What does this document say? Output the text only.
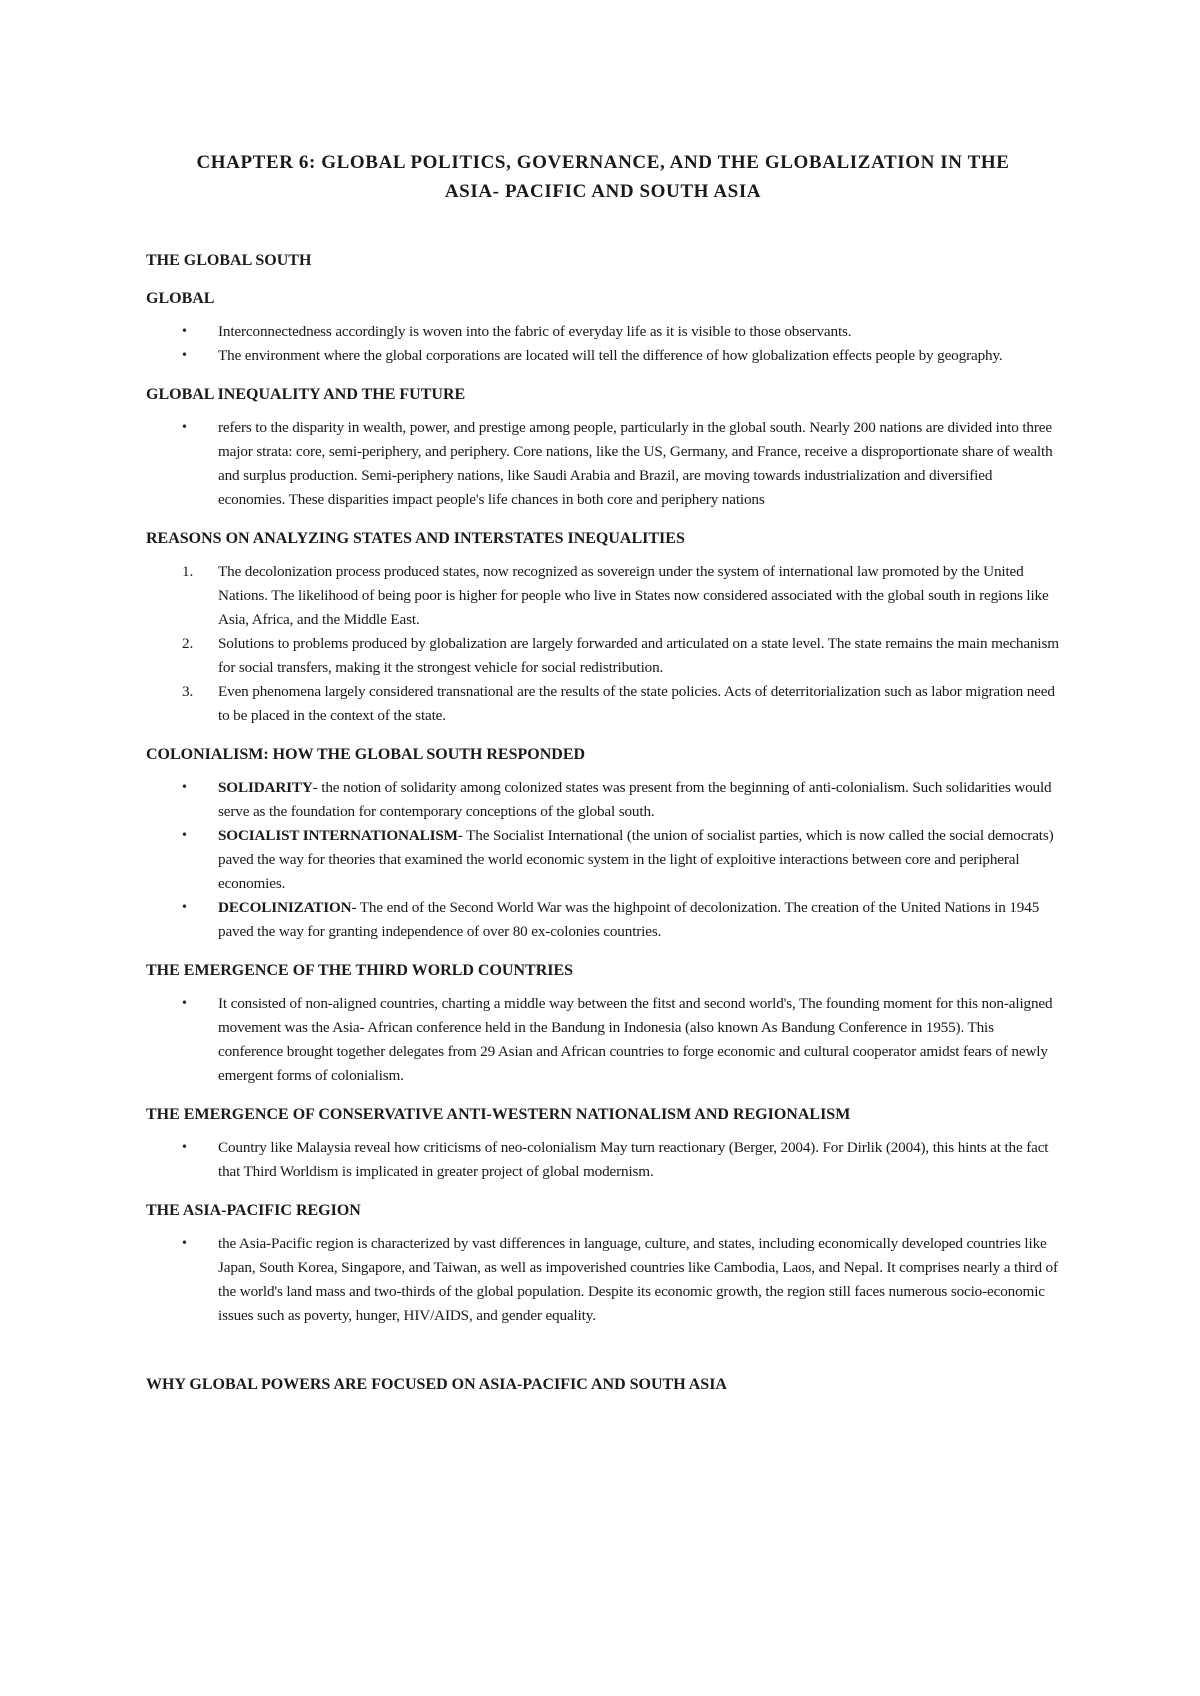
CHAPTER 6: GLOBAL POLITICS, GOVERNANCE, AND THE GLOBALIZATION IN THE
ASIA- PACIFIC AND SOUTH ASIA
THE GLOBAL SOUTH
GLOBAL
• Interconnectedness accordingly is woven into the fabric of everyday life as it is visible to those observants.
• The environment where the global corporations are located will tell the difference of how globalization effects people by geography.
GLOBAL INEQUALITY AND THE FUTURE
• refers to the disparity in wealth, power, and prestige among people, particularly in the global south. Nearly 200 nations are divided into three major strata: core, semi-periphery, and periphery. Core nations, like the US, Germany, and France, receive a disproportionate share of wealth and surplus production. Semi-periphery nations, like Saudi Arabia and Brazil, are moving towards industrialization and diversified economies. These disparities impact people's life chances in both core and periphery nations
REASONS ON ANALYZING STATES AND INTERSTATES INEQUALITIES
1. The decolonization process produced states, now recognized as sovereign under the system of international law promoted by the United Nations. The likelihood of being poor is higher for people who live in States now considered associated with the global south in regions like Asia, Africa, and the Middle East.
2. Solutions to problems produced by globalization are largely forwarded and articulated on a state level. The state remains the main mechanism for social transfers, making it the strongest vehicle for social redistribution.
3. Even phenomena largely considered transnational are the results of the state policies. Acts of deterritorialization such as labor migration need to be placed in the context of the state.
COLONIALISM: HOW THE GLOBAL SOUTH RESPONDED
• SOLIDARITY- the notion of solidarity among colonized states was present from the beginning of anti-colonialism. Such solidarities would serve as the foundation for contemporary conceptions of the global south.
• SOCIALIST INTERNATIONALISM- The Socialist International (the union of socialist parties, which is now called the social democrats) paved the way for theories that examined the world economic system in the light of exploitive interactions between core and peripheral economies.
• DECOLINIZATION- The end of the Second World War was the highpoint of decolonization. The creation of the United Nations in 1945 paved the way for granting independence of over 80 ex-colonies countries.
THE EMERGENCE OF THE THIRD WORLD COUNTRIES
• It consisted of non-aligned countries, charting a middle way between the fitst and second world's, The founding moment for this non-aligned movement was the Asia- African conference held in the Bandung in Indonesia (also known As Bandung Conference in 1955). This conference brought together delegates from 29 Asian and African countries to forge economic and cultural cooperator amidst fears of newly emergent forms of colonialism.
THE EMERGENCE OF CONSERVATIVE ANTI-WESTERN NATIONALISM AND REGIONALISM
• Country like Malaysia reveal how criticisms of neo-colonialism May turn reactionary (Berger, 2004). For Dirlik (2004), this hints at the fact that Third Worldism is implicated in greater project of global modernism.
THE ASIA-PACIFIC REGION
• the Asia-Pacific region is characterized by vast differences in language, culture, and states, including economically developed countries like Japan, South Korea, Singapore, and Taiwan, as well as impoverished countries like Cambodia, Laos, and Nepal. It comprises nearly a third of the world's land mass and two-thirds of the global population. Despite its economic growth, the region still faces numerous socio-economic issues such as poverty, hunger, HIV/AIDS, and gender equality.
WHY GLOBAL POWERS ARE FOCUSED ON ASIA-PACIFIC AND SOUTH ASIA
